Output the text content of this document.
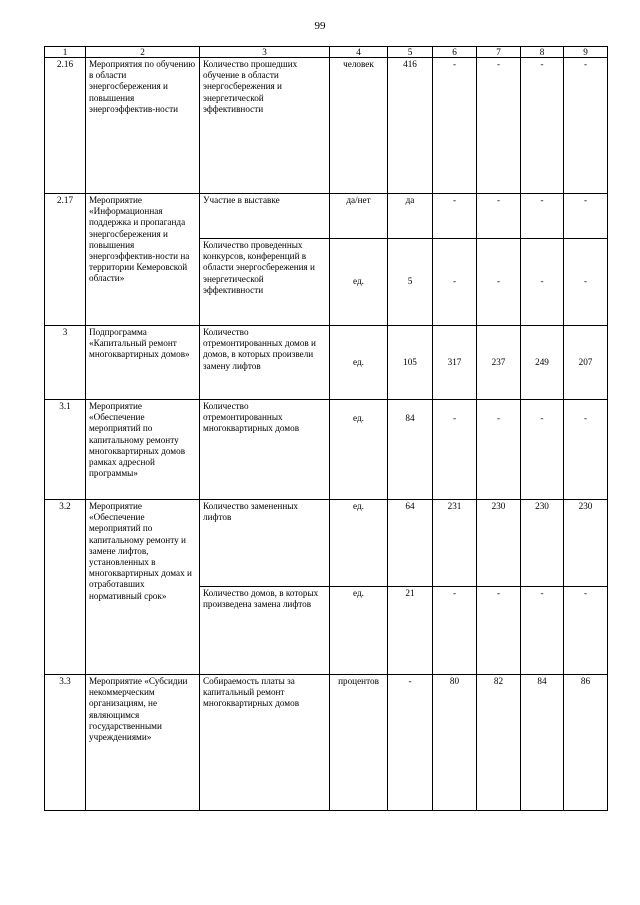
99
1	2	3	4	5	6	7	8	9
2.16	Мероприятия по обучению в области энергосбережения и повышения энергоэффектив-ности	Количество прошедших обучение в области энергосбережения и энергетической эффективности	человек	416	-	-	-	-
2.17	Мероприятие «Информационная поддержка и пропаганда энергосбережения и повышения энергоэффектив-ности на территории Кемеровской области»	Участие в выставке	да/нет	да	-	-	-	-
		Количество проведенных конкурсов, конференций в области энергосбережения и энергетической эффективности	ед.	5	-	-	-	-
3	Подпрограмма «Капитальный ремонт многоквартирных домов»	Количество отремонтированных домов и домов, в которых произвели замену лифтов	ед.	105	317	237	249	207
3.1	Мероприятие «Обеспечение мероприятий по капитальному ремонту многоквартирных домов рамках адресной программы»	Количество отремонтированных многоквартирных домов	ед.	84	-	-	-	-
3.2	Мероприятие «Обеспечение мероприятий по капитальному ремонту и замене лифтов, установленных в многоквартирных домах и отработавших нормативный срок»	Количество замененных лифтов	ед.	64	231	230	230	230
		Количество домов, в которых произведена замена лифтов	ед.	21	-	-	-	-
3.3	Мероприятие «Субсидии некоммерческим организациям, не являющимся государственными учреждениями»	Собираемость платы за капитальный ремонт многоквартирных домов	процентов	-	80	82	84	86
